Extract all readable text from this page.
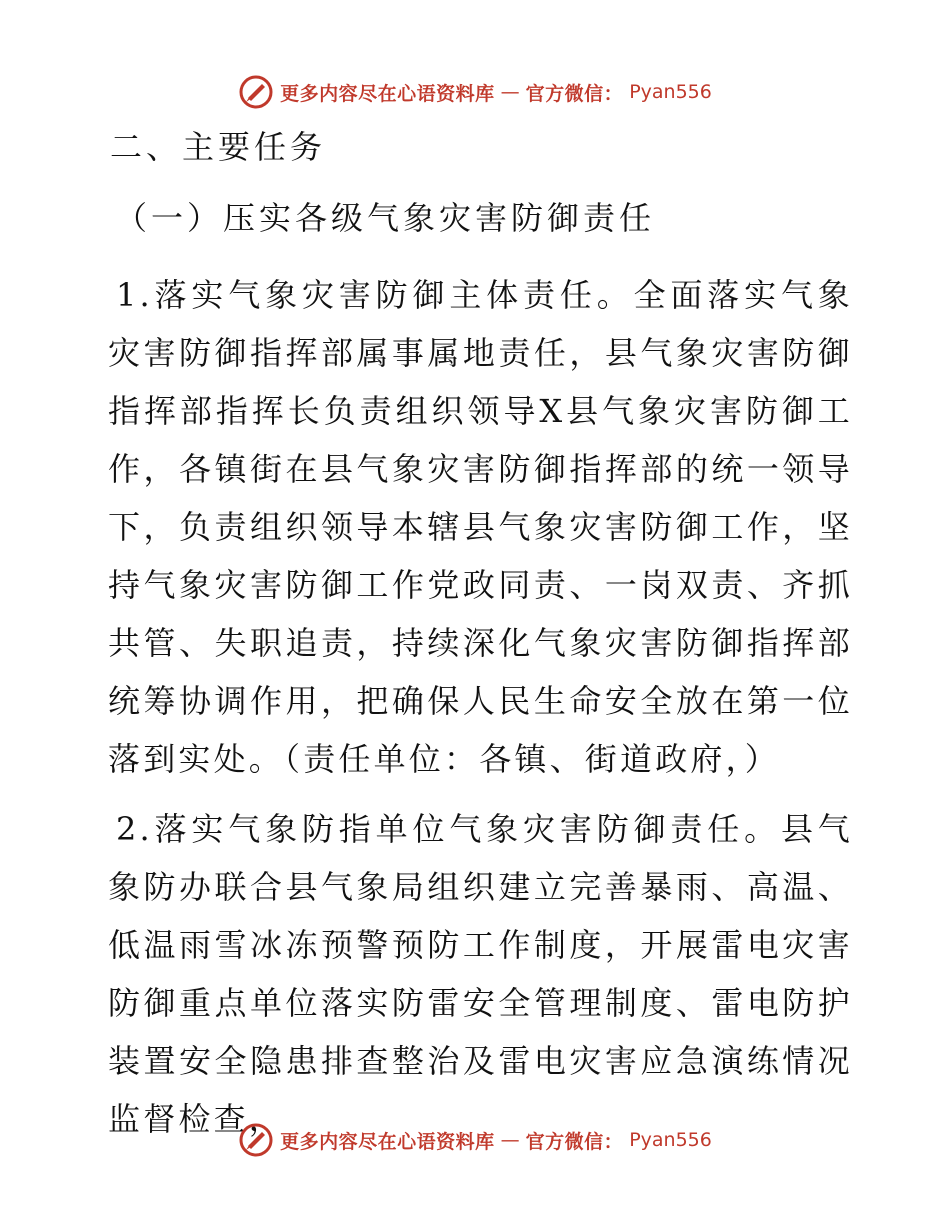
更多内容尽在心语资料库 — 官方微信： Pyan556
二、主要任务
（一）压实各级气象灾害防御责任

1.落实气象灾害防御主体责任。全面落实气象灾害防御指挥部属事属地责任，县气象灾害防御指挥部指挥长负责组织领导X县气象灾害防御工作，各镇街在县气象灾害防御指挥部的统一领导下，负责组织领导本辖县气象灾害防御工作，坚持气象灾害防御工作党政同责、一岗双责、齐抓共管、失职追责，持续深化气象灾害防御指挥部统筹协调作用，把确保人民生命安全放在第一位落到实处。（责任单位：各镇、街道政府，）

2.落实气象防指单位气象灾害防御责任。县气象防办联合县气象局组织建立完善暴雨、高温、低温雨雪冰冻预警预防工作制度，开展雷电灾害防御重点单位落实防雷安全管理制度、雷电防护装置安全隐患排查整治及雷电灾害应急演练情况监督检查，

更多内容尽在心语资料库 — 官方微信： Pyan556
